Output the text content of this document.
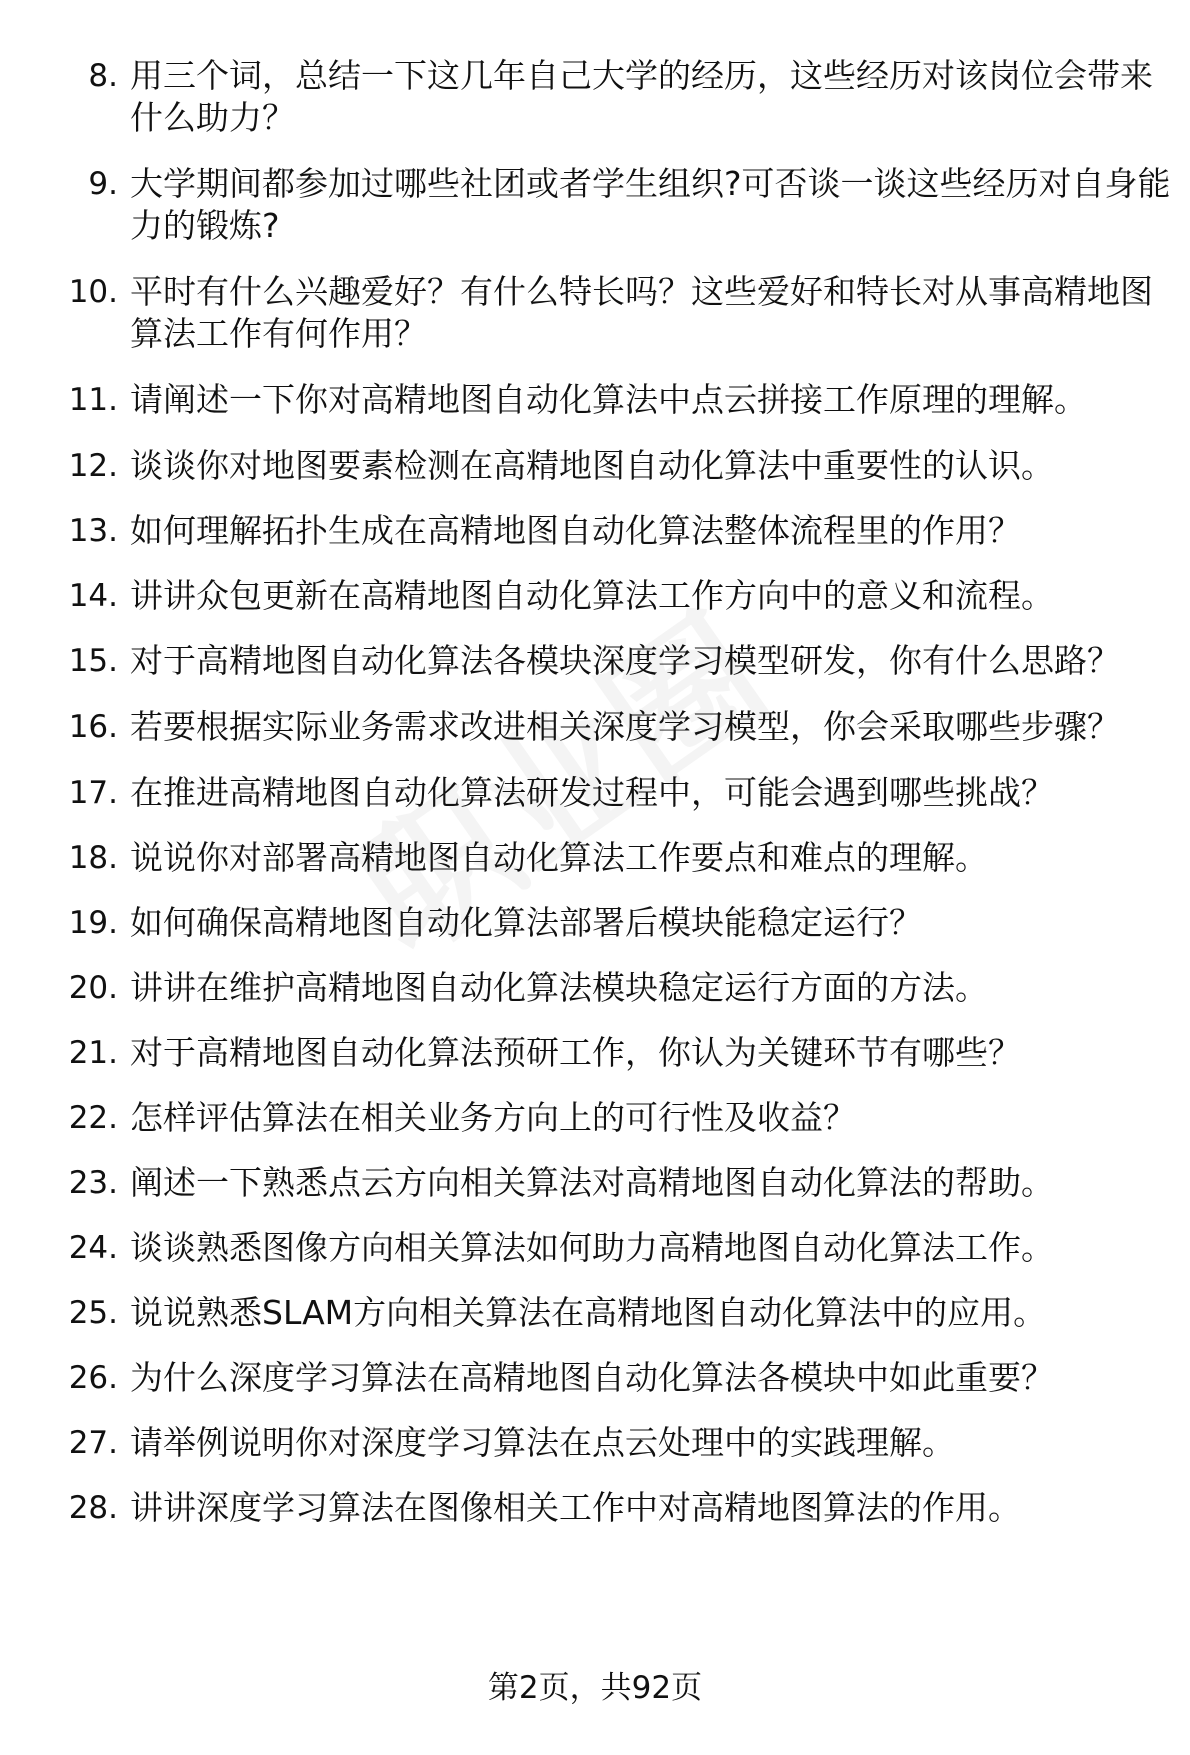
8. 用三个词，总结一下这几年自己大学的经历，这些经历对该岗位会带来什么助力？
9. 大学期间都参加过哪些社团或者学生组织?可否谈一谈这些经历对自身能力的锻炼?
10. 平时有什么兴趣爱好？有什么特长吗？这些爱好和特长对从事高精地图算法工作有何作用？
11. 请阐述一下你对高精地图自动化算法中点云拼接工作原理的理解。
12. 谈谈你对地图要素检测在高精地图自动化算法中重要性的认识。
13. 如何理解拓扑生成在高精地图自动化算法整体流程里的作用？
14. 讲讲众包更新在高精地图自动化算法工作方向中的意义和流程。
15. 对于高精地图自动化算法各模块深度学习模型研发，你有什么思路？
16. 若要根据实际业务需求改进相关深度学习模型，你会采取哪些步骤？
17. 在推进高精地图自动化算法研发过程中，可能会遇到哪些挑战？
18. 说说你对部署高精地图自动化算法工作要点和难点的理解。
19. 如何确保高精地图自动化算法部署后模块能稳定运行？
20. 讲讲在维护高精地图自动化算法模块稳定运行方面的方法。
21. 对于高精地图自动化算法预研工作，你认为关键环节有哪些？
22. 怎样评估算法在相关业务方向上的可行性及收益？
23. 阐述一下熟悉点云方向相关算法对高精地图自动化算法的帮助。
24. 谈谈熟悉图像方向相关算法如何助力高精地图自动化算法工作。
25. 说说熟悉SLAM方向相关算法在高精地图自动化算法中的应用。
26. 为什么深度学习算法在高精地图自动化算法各模块中如此重要？
27. 请举例说明你对深度学习算法在点云处理中的实践理解。
28. 讲讲深度学习算法在图像相关工作中对高精地图算法的作用。
第2页，共92页
